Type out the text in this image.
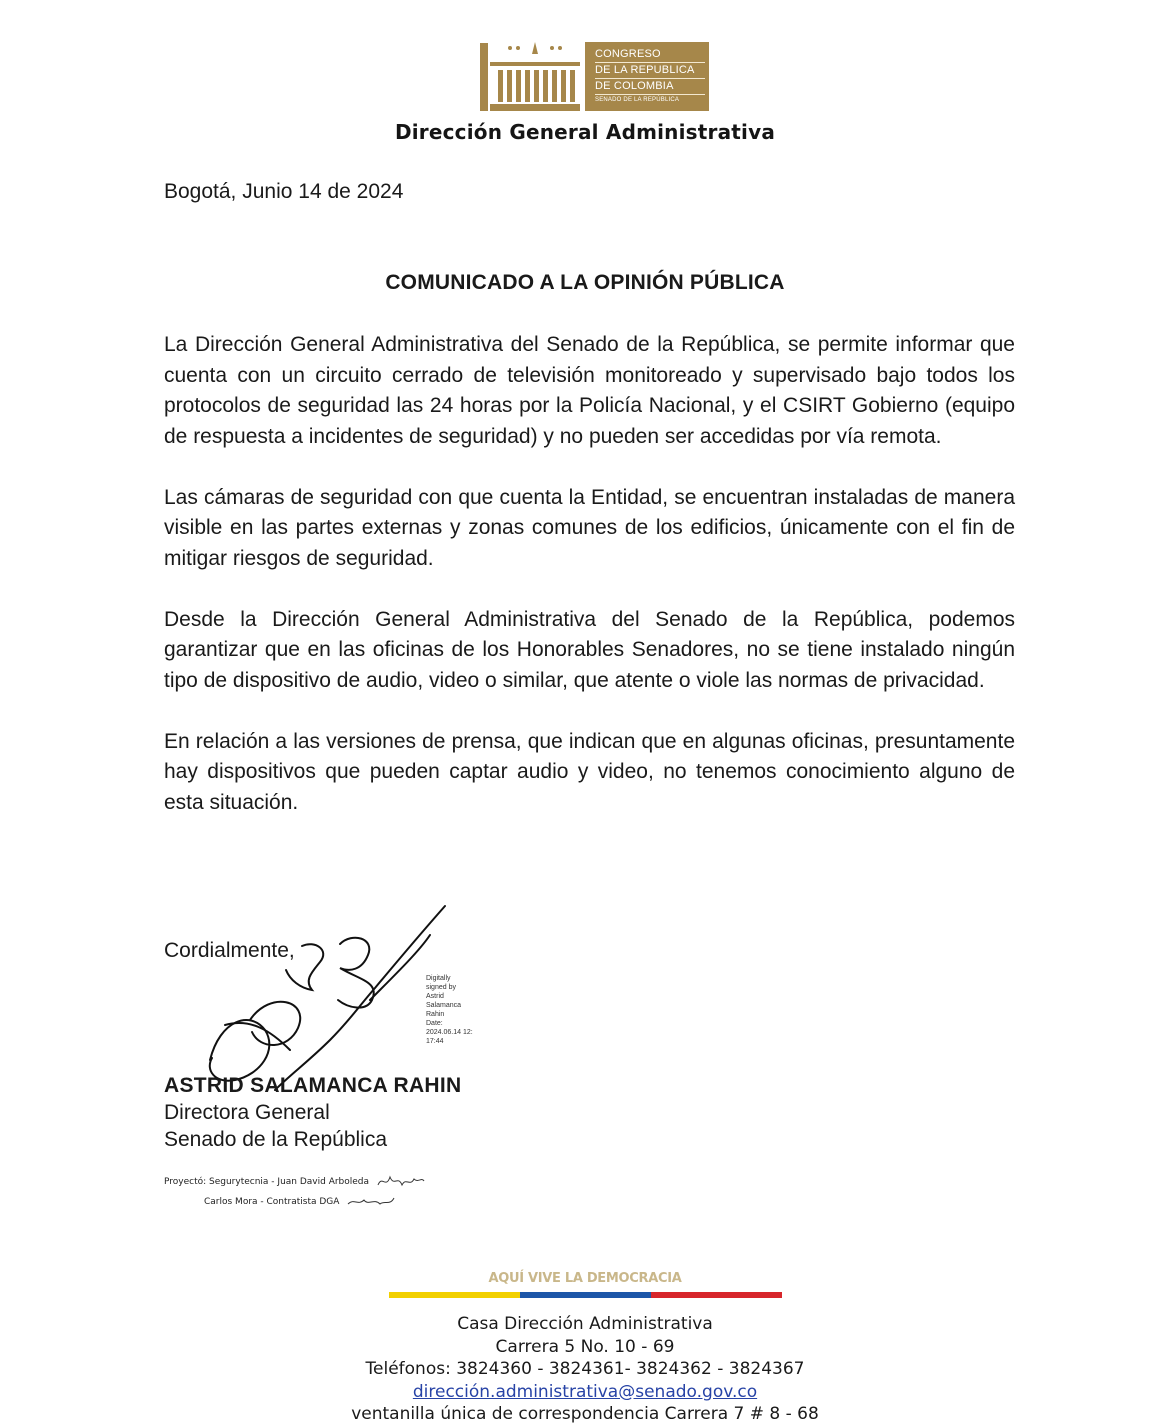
CONGRESO
DE LA REPUBLICA
DE COLOMBIA
SENADO DE LA REPÚBLICA
Dirección General Administrativa
Bogotá, Junio 14 de 2024
COMUNICADO A LA OPINIÓN PÚBLICA

La Dirección General Administrativa del Senado de la República, se permite informar que cuenta con un circuito cerrado de televisión monitoreado y supervisado bajo todos los protocolos de seguridad las 24 horas por la Policía Nacional, y el CSIRT Gobierno (equipo de respuesta a incidentes de seguridad) y no pueden ser accedidas por vía remota.

Las cámaras de seguridad con que cuenta la Entidad, se encuentran instaladas de manera visible en las partes externas y zonas comunes de los edificios, únicamente con el fin de mitigar riesgos de seguridad.

Desde la Dirección General Administrativa del Senado de la República, podemos garantizar que en las oficinas de los Honorables Senadores, no se tiene instalado ningún tipo de dispositivo de audio, video o similar, que atente o viole las normas de privacidad.

En relación a las versiones de prensa, que indican que en algunas oficinas, presuntamente hay dispositivos que pueden captar audio y video, no tenemos conocimiento alguno de esta situación.

Cordialmente,
Digitally
signed by
Astrid
Salamanca
Rahin
Date:
2024.06.14 12:
17:44
ASTRID SALAMANCA RAHIN
Directora General
Senado de la República
Proyectó: Segurytecnia - Juan David Arboleda
Carlos Mora - Contratista DGA
AQUÍ VIVE LA DEMOCRACIA
Casa Dirección Administrativa
Carrera 5 No. 10 - 69
Teléfonos: 3824360 - 3824361- 3824362 - 3824367
dirección.administrativa@senado.gov.co
ventanilla única de correspondencia Carrera 7 # 8 - 68
